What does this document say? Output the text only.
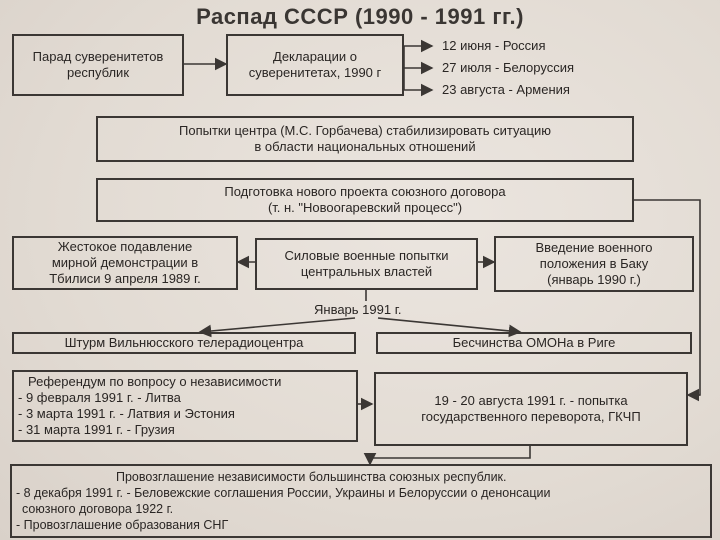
Распад СССР (1990 - 1991 гг.)
Парад суверенитетов
республик
Декларации о
суверенитетах, 1990 г
12 июня - Россия
27 июля - Белоруссия
23 августа - Армения
Попытки центра (М.С. Горбачева) стабилизировать ситуацию
в области национальных отношений
Подготовка нового проекта союзного договора
(т. н. "Новоогаревский процесс")
Жестокое подавление
мирной демонстрации в
Тбилиси 9 апреля 1989 г.
Силовые военные попытки
центральных властей
Введение военного
положения в Баку
(январь 1990 г.)
Январь 1991 г.
Штурм Вильнюсского телерадиоцентра	Бесчинства ОМОНа в Риге
Референдум по вопросу о независимости
- 9 февраля 1991 г. - Литва
- 3 марта 1991 г. - Латвия и Эстония
- 31 марта 1991 г. - Грузия
19 - 20 августа 1991 г. - попытка
государственного переворота, ГКЧП
Провозглашение независимости большинства союзных республик.
- 8 декабря 1991 г. - Беловежские соглашения России, Украины и Белоруссии о денонсации
союзного договора 1922 г.
- Провозглашение образования СНГ
